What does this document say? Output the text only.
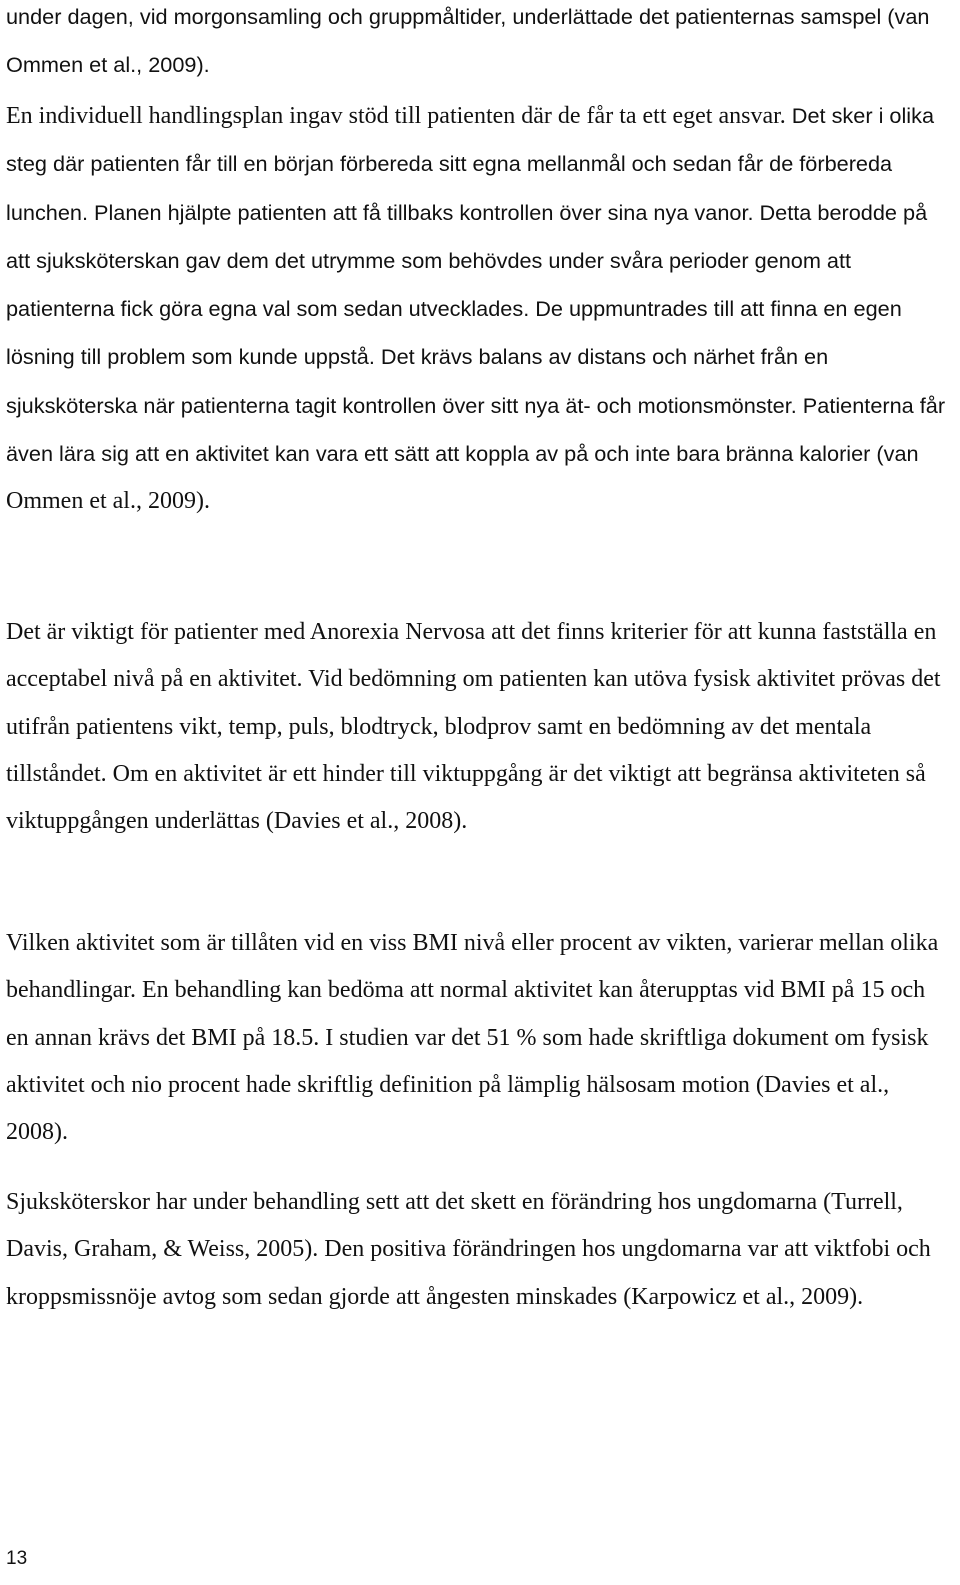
under dagen, vid morgonsamling och gruppmåltider, underlättade det patienternas samspel (van Ommen et al., 2009).

En individuell handlingsplan ingav stöd till patienten där de får ta ett eget ansvar. Det sker i olika steg där patienten får till en början förbereda sitt egna mellanmål och sedan får de förbereda lunchen. Planen hjälpte patienten att få tillbaks kontrollen över sina nya vanor. Detta berodde på att sjuksköterskan gav dem det utrymme som behövdes under svåra perioder genom att patienterna fick göra egna val som sedan utvecklades. De uppmuntrades till att finna en egen lösning till problem som kunde uppstå. Det krävs balans av distans och närhet från en sjuksköterska när patienterna tagit kontrollen över sitt nya ät- och motionsmönster. Patienterna får även lära sig att en aktivitet kan vara ett sätt att koppla av på och inte bara bränna kalorier (van Ommen et al., 2009).

Det är viktigt för patienter med Anorexia Nervosa att det finns kriterier för att kunna fastställa en acceptabel nivå på en aktivitet. Vid bedömning om patienten kan utöva fysisk aktivitet prövas det utifrån patientens vikt, temp, puls, blodtryck, blodprov samt en bedömning av det mentala tillståndet. Om en aktivitet är ett hinder till viktuppgång är det viktigt att begränsa aktiviteten så viktuppgången underlättas (Davies et al., 2008).

Vilken aktivitet som är tillåten vid en viss BMI nivå eller procent av vikten, varierar mellan olika behandlingar. En behandling kan bedöma att normal aktivitet kan återupptas vid BMI på 15 och en annan krävs det BMI på 18.5. I studien var det 51 % som hade skriftliga dokument om fysisk aktivitet och nio procent hade skriftlig definition på lämplig hälsosam motion (Davies et al., 2008).

Sjuksköterskor har under behandling sett att det skett en förändring hos ungdomarna (Turrell, Davis, Graham, & Weiss, 2005). Den positiva förändringen hos ungdomarna var att viktfobi och kroppsmissnöje avtog som sedan gjorde att ångesten minskades (Karpowicz et al., 2009).

13
